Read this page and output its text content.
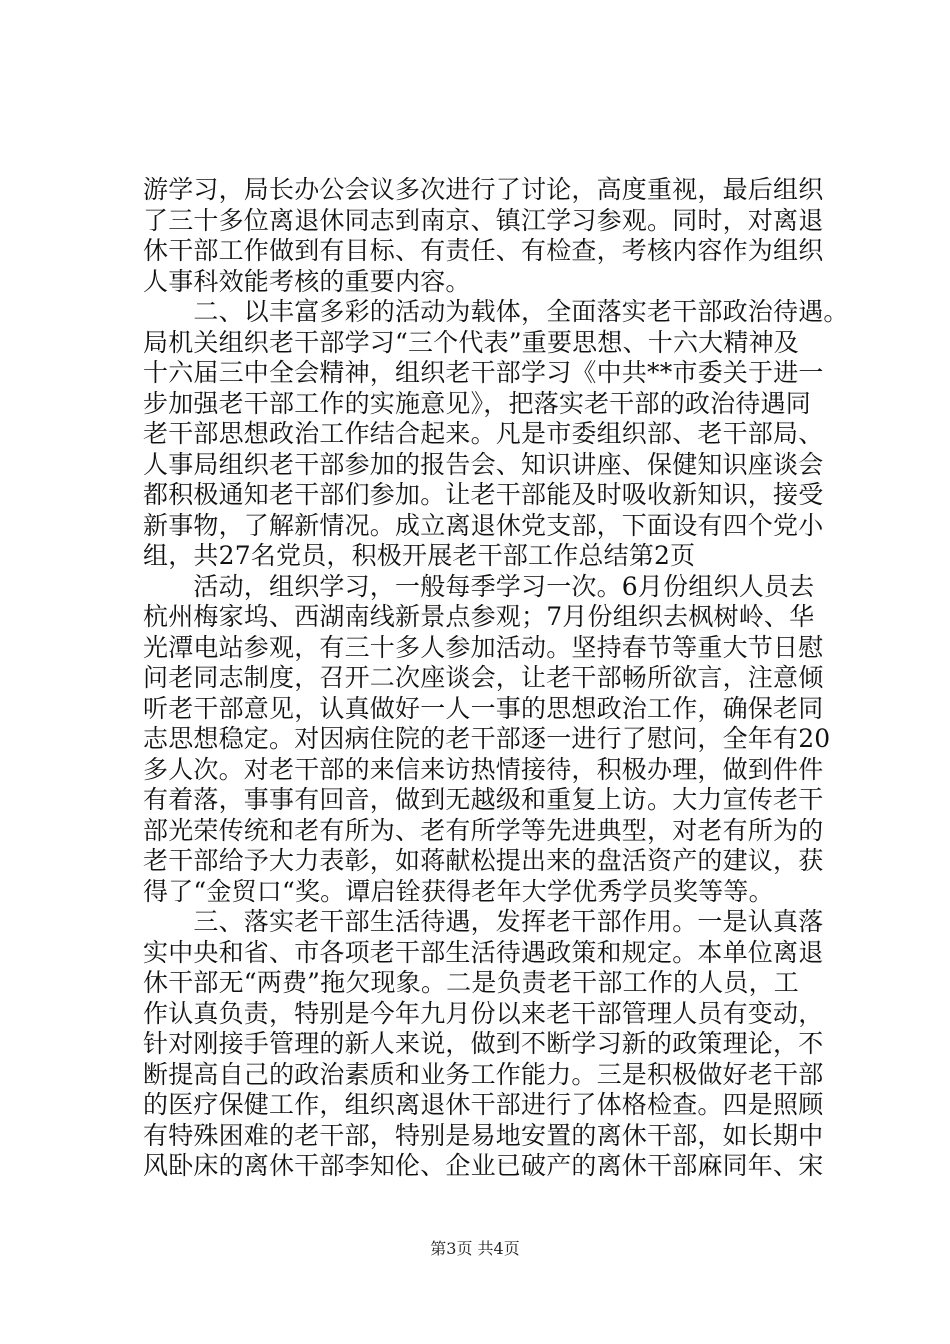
游学习，局长办公会议多次进行了讨论，高度重视，最后组织
了三十多位离退休同志到南京、镇江学习参观。同时，对离退
休干部工作做到有目标、有责任、有检查，考核内容作为组织
人事科效能考核的重要内容。
　　二、以丰富多彩的活动为载体，全面落实老干部政治待遇。
局机关组织老干部学习“三个代表”重要思想、十六大精神及
十六届三中全会精神，组织老干部学习《中共**市委关于进一
步加强老干部工作的实施意见》，把落实老干部的政治待遇同
老干部思想政治工作结合起来。凡是市委组织部、老干部局、
人事局组织老干部参加的报告会、知识讲座、保健知识座谈会
都积极通知老干部们参加。让老干部能及时吸收新知识，接受
新事物，了解新情况。成立离退休党支部，下面设有四个党小
组，共27名党员，积极开展老干部工作总结第2页
　　活动，组织学习，一般每季学习一次。6月份组织人员去
杭州梅家坞、西湖南线新景点参观；7月份组织去枫树岭、华
光潭电站参观，有三十多人参加活动。坚持春节等重大节日慰
问老同志制度，召开二次座谈会，让老干部畅所欲言，注意倾
听老干部意见，认真做好一人一事的思想政治工作，确保老同
志思想稳定。对因病住院的老干部逐一进行了慰问，全年有20
多人次。对老干部的来信来访热情接待，积极办理，做到件件
有着落，事事有回音，做到无越级和重复上访。大力宣传老干
部光荣传统和老有所为、老有所学等先进典型，对老有所为的
老干部给予大力表彰，如蒋献松提出来的盘活资产的建议，获
得了“金贸口“奖。谭启铨获得老年大学优秀学员奖等等。
　　三、落实老干部生活待遇，发挥老干部作用。一是认真落
实中央和省、市各项老干部生活待遇政策和规定。本单位离退
休干部无“两费”拖欠现象。二是负责老干部工作的人员，工
作认真负责，特别是今年九月份以来老干部管理人员有变动，
针对刚接手管理的新人来说，做到不断学习新的政策理论，不
断提高自己的政治素质和业务工作能力。三是积极做好老干部
的医疗保健工作，组织离退休干部进行了体格检查。四是照顾
有特殊困难的老干部，特别是易地安置的离休干部，如长期中
风卧床的离休干部李知伦、企业已破产的离休干部麻同年、宋
第3页 共4页
